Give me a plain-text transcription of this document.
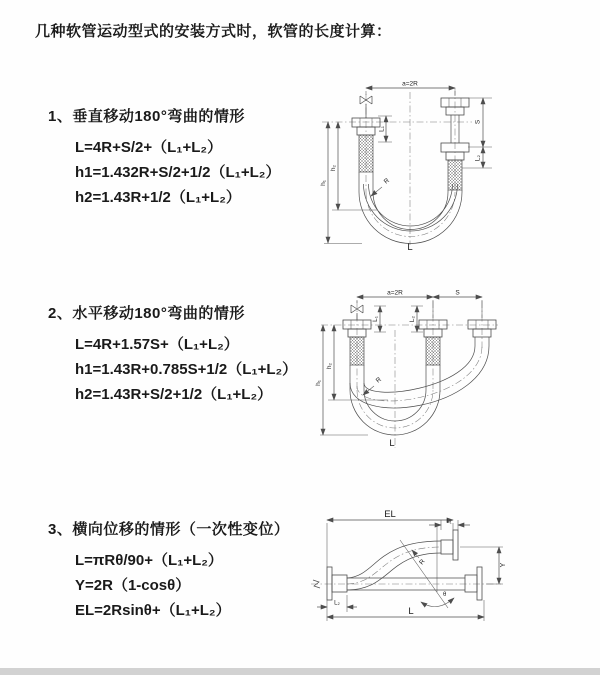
几种软管运动型式的安装方式时，软管的长度计算：
1、垂直移动180°弯曲的情形
L=4R+S/2+（L₁+L₂）
h1=1.432R+S/2+1/2（L₁+L₂）
h2=1.43R+1/2（L₁+L₂）
2、水平移动180°弯曲的情形
L=4R+1.57S+（L₁+L₂）
h1=1.43R+0.785S+1/2（L₁+L₂）
h2=1.43R+S/2+1/2（L₁+L₂）
3、横向位移的情形（一次性变位）
L=πRθ/90+（L₁+L₂）
Y=2R（1-cosθ）
EL=2Rsinθ+（L₁+L₂）
a=2R
L₁
S
L₂
h₁
h₂
R
L
a=2R	S
L₁	L₂
h₁
h₂
R
L
EL
L₁
θ
R	Y
L₂
L
